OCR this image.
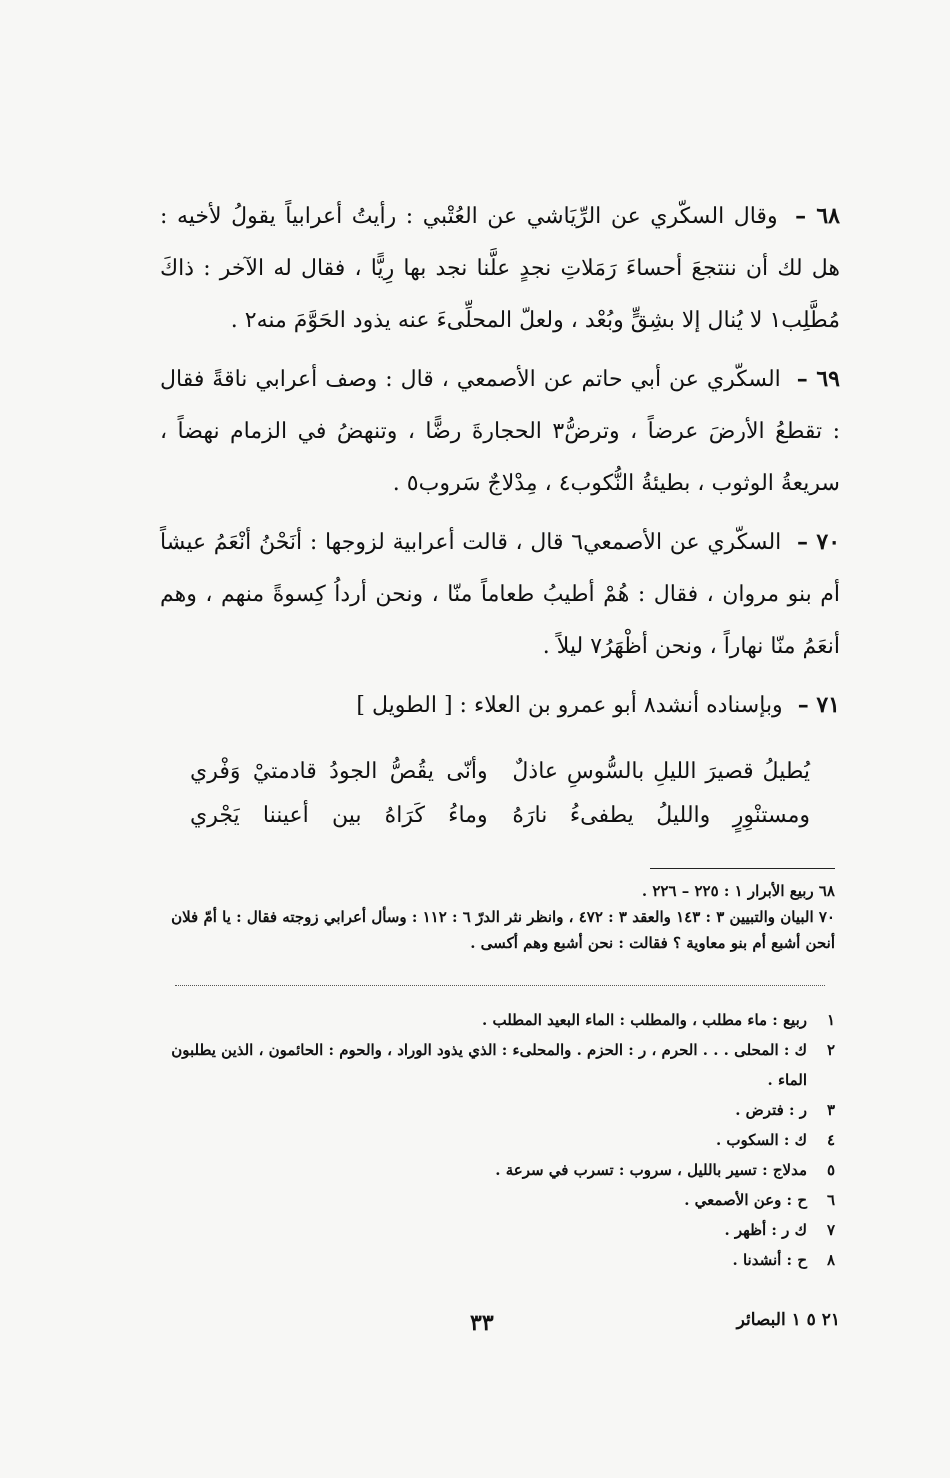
٦٨ – وقال السكّري عن الرِّيَاشي عن العُتْبي : رأيتُ أعرابياً يقولُ لأخيه : هل لك أن ننتجعَ أحساءَ رَمَلاتِ نجدٍ علَّنا نجد بها رِيًّا ، فقال له الآخر : ذاكَ مُطَّلِب١ لا يُنال إلا بشِقٍّ وبُعْد ، ولعلّ المحلِّىءَ عنه يذود الحَوَّمَ منه٢ .

٦٩ – السكّري عن أبي حاتم عن الأصمعي ، قال : وصف أعرابي ناقةً فقال : تقطعُ الأرضَ عرضاً ، وترضُّ٣ الحجارةَ رضًّا ، وتنهضُ في الزمام نهضاً ، سريعةُ الوثوب ، بطيئةُ النُّكوب٤ ، مِدْلاجٌ سَروب٥ .

٧٠ – السكّري عن الأصمعي٦ قال ، قالت أعرابية لزوجها : أنَحْنُ أنْعَمُ عيشاً أم بنو مروان ، فقال : هُمْ أطيبُ طعاماً منّا ، ونحن أرداُ كِسوةً منهم ، وهم أنعَمُ منّا نهاراً ، ونحن أظْهَرُ٧ ليلاً .

٧١ – وبإسناده أنشد٨ أبو عمرو بن العلاء : [ الطويل ]

يُطيلُ قصيرَ الليلِ بالسُّوسِ عاذلٌ
وأنّى يقُصُّ الجودُ قادمتيْ وَفْري
ومستنْوِرٍ والليلُ يطفىءُ نارَهُ
وماءُ كَرَاهُ بين أعيننا يَجْري

٦٨ ربيع الأبرار ١ : ٢٢٥ – ٢٢٦ .

٧٠ البيان والتبيين ٣ : ١٤٣ والعقد ٣ : ٤٧٢ ، وانظر نثر الدرّ ٦ : ١١٢ : وسأل أعرابي زوجته فقال : يا أمّ فلان أنحن أشبع أم بنو معاوية ؟ فقالت : نحن أشبع وهم أكسى .

١
ربيع : ماء مطلب ، والمطلب : الماء البعيد المطلب .

٢
ك : المحلى . . . الحرم ، ر : الحزم . والمحلىء : الذي يذود الوراد ، والحوم : الحائمون ، الذين يطلبون الماء .

٣
ر : فترض .

٤
ك : السكوب .

٥
مدلاج : تسير بالليل ، سروب : تسرب في سرعة .

٦
ح : وعن الأصمعي .

٧
ك ر : أظهر .

٨
ح : أنشدنا .

٣٣	٢١ ٥ ١ البصائر
